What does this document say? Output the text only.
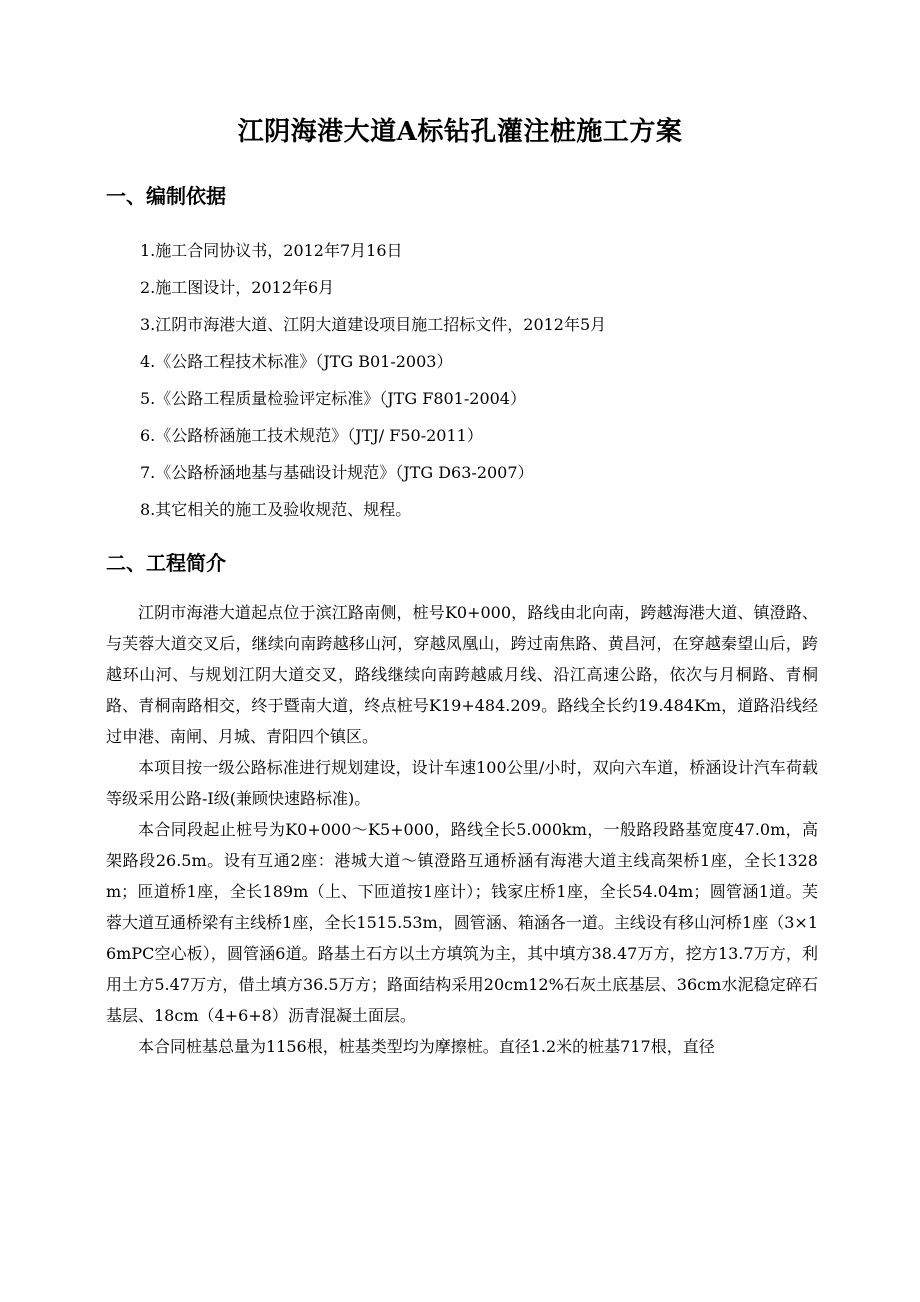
江阴海港大道A标钻孔灌注桩施工方案
一、编制依据
1.施工合同协议书，2012年7月16日
2.施工图设计，2012年6月
3.江阴市海港大道、江阴大道建设项目施工招标文件，2012年5月
4.《公路工程技术标准》（JTG B01-2003）
5.《公路工程质量检验评定标准》（JTG F801-2004）
6.《公路桥涵施工技术规范》（JTJ/ F50-2011）
7.《公路桥涵地基与基础设计规范》（JTG D63-2007）
8.其它相关的施工及验收规范、规程。
二、工程简介

江阴市海港大道起点位于滨江路南侧，桩号K0+000，路线由北向南，跨越海港大道、镇澄路、与芙蓉大道交叉后，继续向南跨越移山河，穿越凤凰山，跨过南焦路、黄昌河，在穿越秦望山后，跨越环山河、与规划江阴大道交叉，路线继续向南跨越戚月线、沿江高速公路，依次与月桐路、青桐路、青桐南路相交，终于暨南大道，终点桩号K19+484.209。路线全长约19.484Km，道路沿线经过申港、南闸、月城、青阳四个镇区。

本项目按一级公路标准进行规划建设，设计车速100公里/小时，双向六车道，桥涵设计汽车荷载等级采用公路-I级(兼顾快速路标准)。

本合同段起止桩号为K0+000～K5+000，路线全长5.000km，一般路段路基宽度47.0m，高架路段26.5m。设有互通2座：港城大道～镇澄路互通桥涵有海港大道主线高架桥1座，全长1328m；匝道桥1座，全长189m（上、下匝道按1座计）；钱家庄桥1座，全长54.04m；圆管涵1道。芙蓉大道互通桥梁有主线桥1座，全长1515.53m，圆管涵、箱涵各一道。主线设有移山河桥1座（3×16mPC空心板），圆管涵6道。路基土石方以土方填筑为主，其中填方38.47万方，挖方13.7万方，利用土方5.47万方，借土填方36.5万方；路面结构采用20cm12%石灰土底基层、36cm水泥稳定碎石基层、18cm（4+6+8）沥青混凝土面层。

本合同桩基总量为1156根，桩基类型均为摩擦桩。直径1.2米的桩基717根，直径
